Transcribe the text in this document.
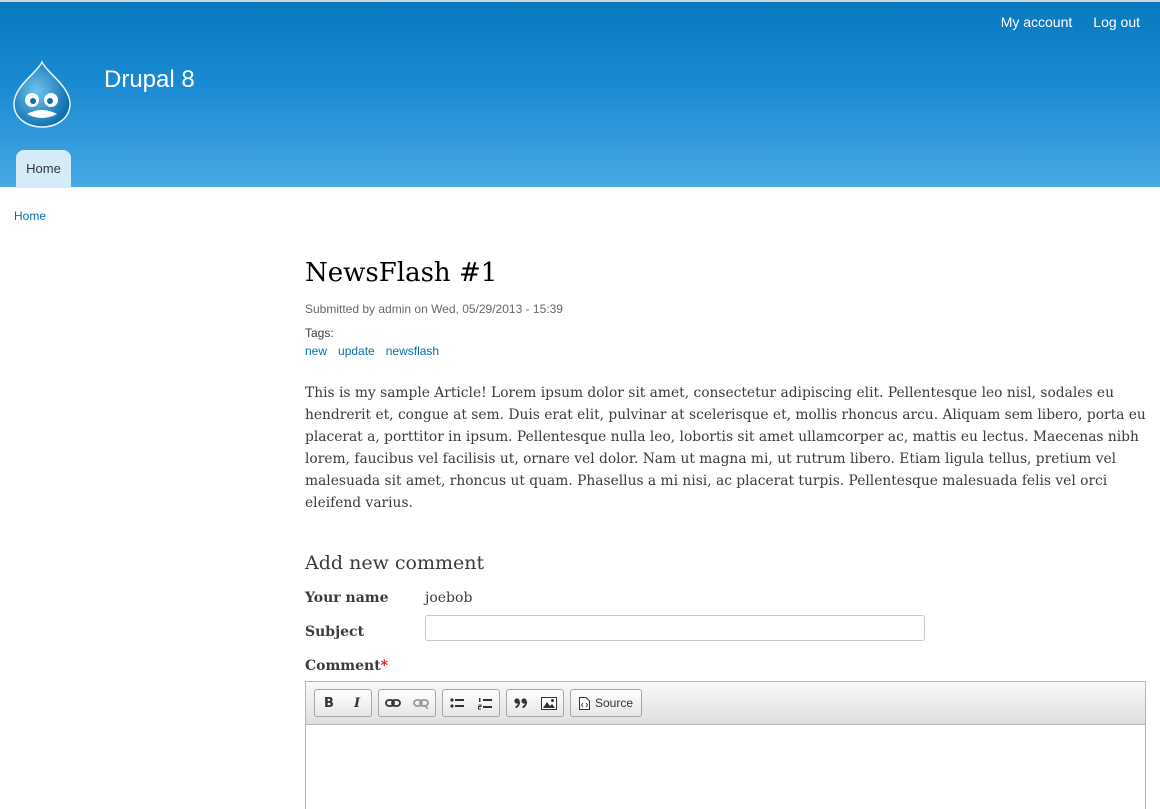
My account Log out
Drupal 8
Home
Home
NewsFlash #1
Submitted by admin on Wed, 05/29/2013 - 15:39
Tags:
new update newsflash

This is my sample Article! Lorem ipsum dolor sit amet, consectetur adipiscing elit. Pellentesque leo nisl, sodales eu hendrerit et, congue at sem. Duis erat elit, pulvinar at scelerisque et, mollis rhoncus arcu. Aliquam sem libero, porta eu placerat a, porttitor in ipsum. Pellentesque nulla leo, lobortis sit amet ullamcorper ac, mattis eu lectus. Maecenas nibh lorem, faucibus vel facilisis ut, ornare vel dolor. Nam ut magna mi, ut rutrum libero. Etiam ligula tellus, pretium vel malesuada sit amet, rhoncus ut quam. Phasellus a mi nisi, ac placerat turpis. Pellentesque malesuada felis vel orci eleifend varius.

Add new comment
Your name	joebob
Subject
Comment*
B I	Source
